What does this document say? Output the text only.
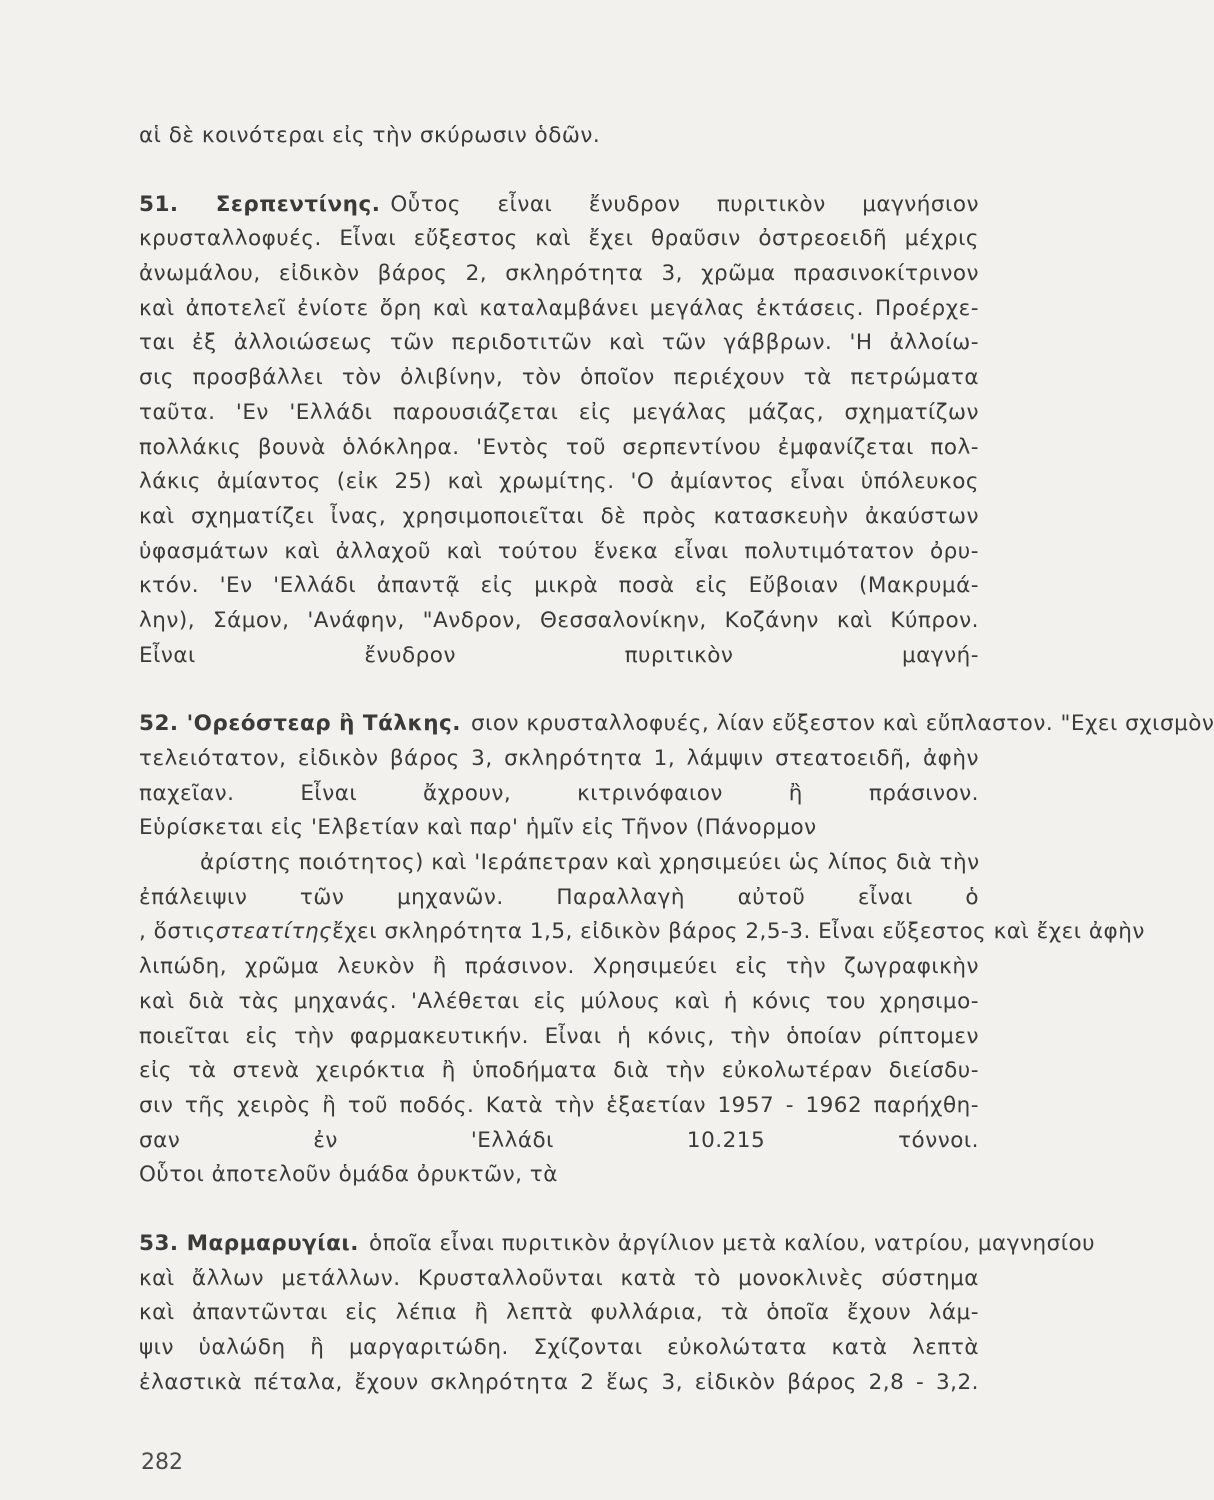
αἱ δὲ κοινότεραι εἰς τὴν σκύρωσιν ὁδῶν.
51. Σερπεντίνης. Οὗτος εἶναι ἔνυδρον πυριτικὸν μαγνήσιον
κρυσταλλοφυές. Εἶναι εὔξεστος καὶ ἔχει θραῦσιν ὀστρεοειδῆ μέχρις
ἀνωμάλου, εἰδικὸν βάρος 2, σκληρότητα 3, χρῶμα πρασινοκίτρινον
καὶ ἀποτελεῖ ἐνίοτε ὄρη καὶ καταλαμβάνει μεγάλας ἐκτάσεις. Προέρχε-
ται ἐξ ἀλλοιώσεως τῶν περιδοτιτῶν καὶ τῶν γάββρων. 'Η ἀλλοίω-
σις προσβάλλει τὸν ὀλιβίνην, τὸν ὁποῖον περιέχουν τὰ πετρώματα
ταῦτα. 'Εν 'Ελλάδι παρουσιάζεται εἰς μεγάλας μάζας, σχηματίζων
πολλάκις βουνὰ ὁλόκληρα. 'Εντὸς τοῦ σερπεντίνου ἐμφανίζεται πολ-
λάκις ἀμίαντος (εἰκ 25) καὶ χρωμίτης. 'Ο ἀμίαντος εἶναι ὑπόλευκος
καὶ σχηματίζει ἶνας, χρησιμοποιεῖται δὲ πρὸς κατασκευὴν ἀκαύστων
ὑφασμάτων καὶ ἀλλαχοῦ καὶ τούτου ἕνεκα εἶναι πολυτιμότατον ὀρυ-
κτόν. 'Εν 'Ελλάδι ἀπαντᾷ εἰς μικρὰ ποσὰ εἰς Εὔβοιαν (Μακρυμά-
λην), Σάμον, 'Ανάφην, "Ανδρον, Θεσσαλονίκην, Κοζάνην καὶ Κύπρον.
Εἶναι ἔνυδρον πυριτικὸν μαγνή-
52. 'Ορεόστεαρ ἢ Τάλκης. σιον κρυσταλλοφυές, λίαν εὔξεστον καὶ εὔπλαστον. "Εχει σχισμὸν
τελειότατον, εἰδικὸν βάρος 3, σκληρότητα 1, λάμψιν στεατοειδῆ, ἀφὴν
παχεῖαν. Εἶναι ἄχρουν, κιτρινόφαιον ἢ πράσινον.
Εὑρίσκεται εἰς 'Ελβετίαν καὶ παρ' ἡμῖν εἰς Τῆνον (Πάνορμον
ἀρίστης ποιότητος) καὶ 'Ιεράπετραν καὶ χρησιμεύει ὡς λίπος διὰ τὴν
ἐπάλειψιν τῶν μηχανῶν. Παραλλαγὴ αὐτοῦ εἶναι ὁ
, ὅστιςστεατίτηςἔχει σκληρότητα 1,5, εἰδικὸν βάρος 2,5-3. Εἶναι εὔξεστος καὶ ἔχει ἀφὴν
λιπώδη, χρῶμα λευκὸν ἢ πράσινον. Χρησιμεύει εἰς τὴν ζωγραφικὴν
καὶ διὰ τὰς μηχανάς. 'Αλέθεται εἰς μύλους καὶ ἡ κόνις του χρησιμο-
ποιεῖται εἰς τὴν φαρμακευτικήν. Εἶναι ἡ κόνις, τὴν ὁποίαν ρίπτομεν
εἰς τὰ στενὰ χειρόκτια ἢ ὑποδήματα διὰ τὴν εὐκολωτέραν διείσδυ-
σιν τῆς χειρὸς ἢ τοῦ ποδός. Κατὰ τὴν ἑξαετίαν 1957 - 1962 παρήχθη-
σαν ἐν 'Ελλάδι 10.215 τόννοι.
Οὗτοι ἀποτελοῦν ὁμάδα ὀρυκτῶν, τὰ
53. Μαρμαρυγίαι. ὁποῖα εἶναι πυριτικὸν ἀργίλιον μετὰ καλίου, νατρίου, μαγνησίου
καὶ ἄλλων μετάλλων. Κρυσταλλοῦνται κατὰ τὸ μονοκλινὲς σύστημα
καὶ ἀπαντῶνται εἰς λέπια ἢ λεπτὰ φυλλάρια, τὰ ὁποῖα ἔχουν λάμ-
ψιν ὑαλώδη ἢ μαργαριτώδη. Σχίζονται εὐκολώτατα κατὰ λεπτὰ
ἐλαστικὰ πέταλα, ἔχουν σκληρότητα 2 ἕως 3, εἰδικὸν βάρος 2,8 - 3,2.
282
